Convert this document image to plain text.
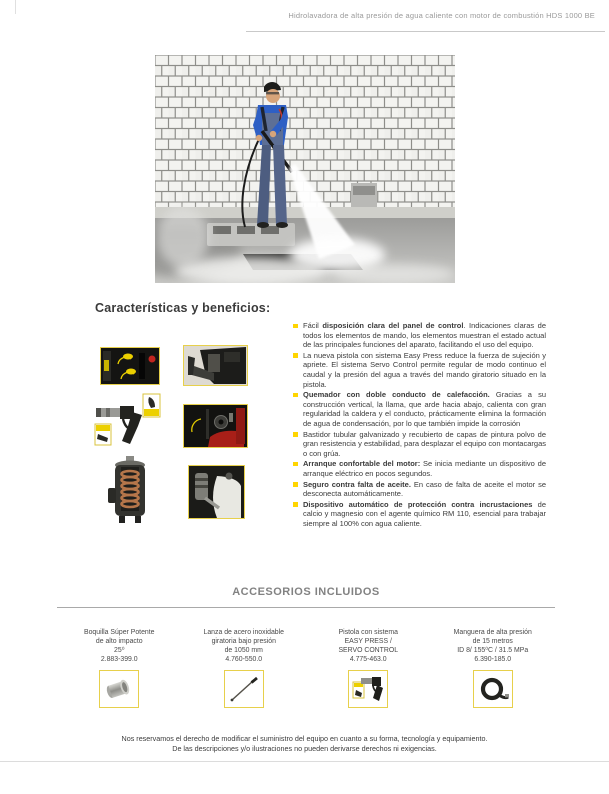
Hidrolavadora de alta presión de agua caliente con motor de combustión HDS 1000 BE
Características y beneficios:
Fácil disposición clara del panel de control. Indicaciones claras de todos los elementos de mando, los elementos muestran el estado actual de las principales funciones del aparato, facilitando el uso del equipo.
La nueva pistola con sistema Easy Press reduce la fuerza de sujeción y apriete. El sistema Servo Control permite regular de modo continuo el caudal y la presión del agua a través del mando giratorio situado en la pistola.
Quemador con doble conducto de calefacción. Gracias a su construcción vertical, la llama, que arde hacia abajo, calienta con gran regularidad la caldera y el conducto, prácticamente elimina la formación de agua de condensación, por lo que también impide la corrosión
Bastidor tubular galvanizado y recubierto de capas de pintura polvo de gran resistencia y estabilidad, para desplazar el equipo con montacargas o con grúa.
Arranque confortable del motor: Se inicia mediante un dispositivo de arranque eléctrico en pocos segundos.
Seguro contra falta de aceite. En caso de falta de aceite el motor se desconecta automáticamente.
Dispositivo automático de protección contra incrustaciones de calcio y magnesio con el agente químico RM 110, esencial para trabajar siempre al 100% con agua caliente.
ACCESORIOS INCLUIDOS
Boquilla Súper Potente
de alto impacto
25⁰
2.883-399.0
Lanza de acero inoxidable
giratoria bajo presión
de 1050 mm
4.760-550.0
Pistola con sistema
EASY PRESS /
SERVO CONTROL
4.775-463.0
Manguera de alta presión
de 15 metros
ID 8/ 155⁰C / 31.5 MPa
6.390-185.0
Nos reservamos el derecho de modificar el suministro del equipo en cuanto a su forma, tecnología y equipamiento.
De las descripciones y/o ilustraciones no pueden derivarse derechos ni exigencias.
